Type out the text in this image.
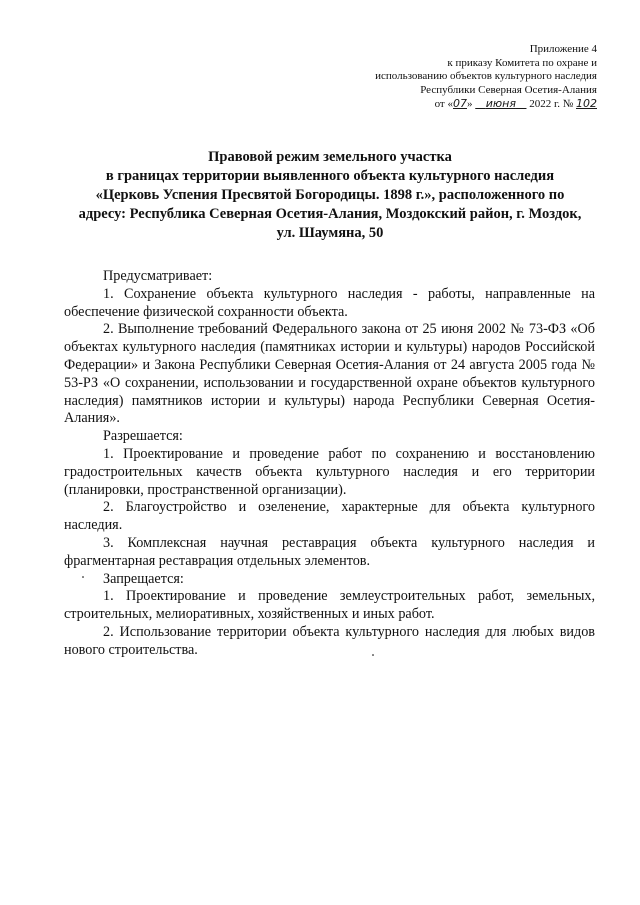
Приложение 4
к приказу Комитета по охране и
использованию объектов культурного наследия
Республики Северная Осетия-Алания
от «07» июня 2022 г. № 102
Правовой режим земельного участка
в границах территории выявленного объекта культурного наследия
«Церковь Успения Пресвятой Богородицы. 1898 г.», расположенного по
адресу: Республика Северная Осетия-Алания, Моздокский район, г. Моздок,
ул. Шаумяна, 50

Предусматривает:

1. Сохранение объекта культурного наследия - работы, направленные на обеспечение физической сохранности объекта.

2. Выполнение требований Федерального закона от 25 июня 2002 № 73-ФЗ «Об объектах культурного наследия (памятниках истории и культуры) народов Российской Федерации» и Закона Республики Северная Осетия-Алания от 24 августа 2005 года № 53-РЗ «О сохранении, использовании и государственной охране объектов культурного наследия) памятников истории и культуры) народа Республики Северная Осетия-Алания».

Разрешается:

1. Проектирование и проведение работ по сохранению и восстановлению градостроительных качеств объекта культурного наследия и его территории (планировки, пространственной организации).

2. Благоустройство и озеленение, характерные для объекта культурного наследия.

3. Комплексная научная реставрация объекта культурного наследия и фрагментарная реставрация отдельных элементов.

Запрещается:

1. Проектирование и проведение землеустроительных работ, земельных, строительных, мелиоративных, хозяйственных и иных работ.

2. Использование территории объекта культурного наследия для любых видов нового строительства.
